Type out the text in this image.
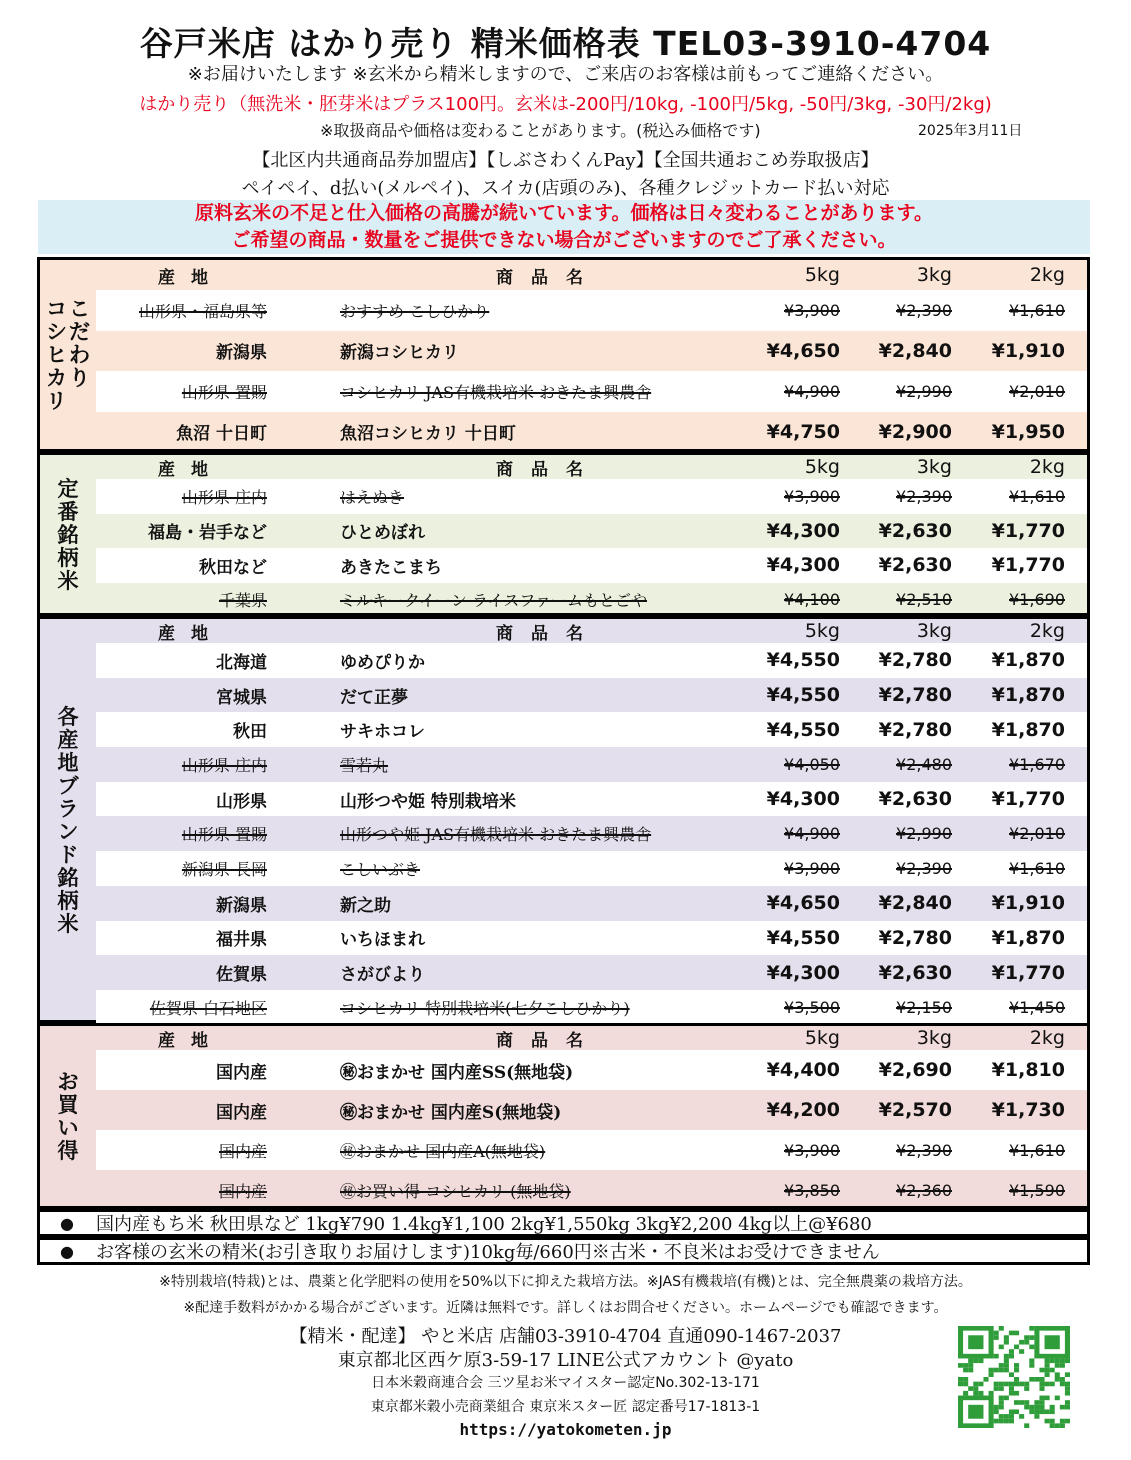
谷戸米店 はかり売り 精米価格表 TEL03-3910-4704
※お届けいたします ※玄米から精米しますので、ご来店のお客様は前もってご連絡ください。
はかり売り（無洗米・胚芽米はプラス100円。玄米は-200円/10kg, -100円/5kg, -50円/3kg, -30円/2kg)
※取扱商品や価格は変わることがあります。(税込み価格です)	2025年3月11日
【北区内共通商品券加盟店】【しぶさわくんPay】【全国共通おこめ券取扱店】
ペイペイ、d払い(メルペイ)、スイカ(店頭のみ)、各種クレジットカード払い対応
原料玄米の不足と仕入価格の高騰が続いています。価格は日々変わることがあります。
ご希望の商品・数量をご提供できない場合がございますのでご了承ください。
こ
だ
わ
り
コ
シ
ヒ
カ
リ
産地	商品名	5kg	3kg	2kg
山形県・福島県等	おすすめ こしひかり	¥3,900	¥2,390	¥1,610
新潟県	新潟コシヒカリ	¥4,650 ¥2,840 ¥1,910
山形県 置賜	コシヒカリ JAS有機栽培米 おきたま興農舎	¥4,900	¥2,990	¥2,010
魚沼 十日町	魚沼コシヒカリ 十日町	¥4,750 ¥2,900 ¥1,950
定
番
銘
柄
米
産地	商品名	5kg	3kg	2kg
山形県 庄内	はえぬき	¥3,900	¥2,390	¥1,610
福島・岩手など	ひとめぼれ	¥4,300 ¥2,630 ¥1,770
秋田など	あきたこまち	¥4,300 ¥2,630 ¥1,770
千葉県	ミルキークイーン ライスファームもとごや	¥4,100	¥2,510	¥1,690
各
産
地
ブ
ラ
ン
ド
銘
柄
米
産地	商品名	5kg	3kg	2kg
北海道	ゆめぴりか	¥4,550 ¥2,780 ¥1,870
宮城県	だて正夢	¥4,550 ¥2,780 ¥1,870
秋田	サキホコレ	¥4,550 ¥2,780 ¥1,870
山形県 庄内	雪若丸	¥4,050	¥2,480	¥1,670
山形県	山形つや姫 特別栽培米	¥4,300 ¥2,630 ¥1,770
山形県 置賜	山形つや姫 JAS有機栽培米 おきたま興農舎	¥4,900	¥2,990	¥2,010
新潟県 長岡	こしいぶき	¥3,900	¥2,390	¥1,610
新潟県	新之助	¥4,650 ¥2,840 ¥1,910
福井県	いちほまれ	¥4,550 ¥2,780 ¥1,870
佐賀県	さがびより	¥4,300 ¥2,630 ¥1,770
佐賀県 白石地区	コシヒカリ 特別栽培米(七夕こしひかり)	¥3,500	¥2,150	¥1,450
お
買
い
得
産地	商品名	5kg	3kg	2kg
国内産	㊙おまかせ 国内産SS(無地袋)	¥4,400 ¥2,690 ¥1,810
国内産	㊙おまかせ 国内産S(無地袋)	¥4,200 ¥2,570 ¥1,730
国内産	㊙おまかせ 国内産A(無地袋)	¥3,900	¥2,390	¥1,610
国内産	㊙お買い得 コシヒカリ (無地袋)	¥3,850	¥2,360	¥1,590
● 国内産もち米 秋田県など 1kg¥790 1.4kg¥1,100 2kg¥1,550kg 3kg¥2,200 4kg以上@¥680
● お客様の玄米の精米(お引き取りお届けします)10kg毎/660円※古米・不良米はお受けできません
※特別栽培(特栽)とは、農薬と化学肥料の使用を50%以下に抑えた栽培方法。※JAS有機栽培(有機)とは、完全無農薬の栽培方法。
※配達手数料がかかる場合がございます。近隣は無料です。詳しくはお問合せください。ホームページでも確認できます。
【精米・配達】 やと米店 店舗03-3910-4704 直通090-1467-2037
東京都北区西ケ原3-59-17 LINE公式アカウント @yato
日本米穀商連合会 三ツ星お米マイスター認定No.302-13-171
東京都米穀小売商業組合 東京米スター匠 認定番号17-1813-1
https://yatokometen.jp
